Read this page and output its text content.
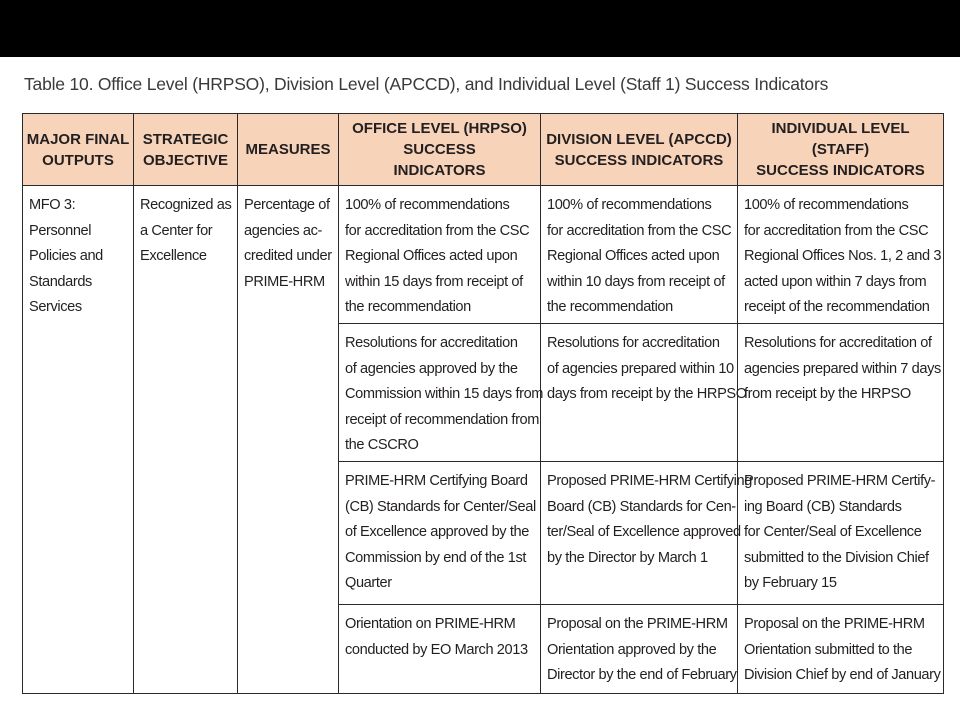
Table 10. Office Level (HRPSO), Division Level (APCCD), and Individual Level (Staff 1) Success Indicators
MAJOR FINAL
OUTPUTS	STRATEGIC
OBJECTIVE	MEASURES	OFFICE LEVEL (HRPSO) SUCCESS
INDICATORS	DIVISION LEVEL (APCCD)
SUCCESS INDICATORS	INDIVIDUAL LEVEL (STAFF)
SUCCESS INDICATORS

MFO 3:
Personnel
Policies and
Standards
Services	Recognized as
a Center for
Excellence	Percentage of
agencies ac-
credited under
PRIME-HRM	100% of recommendations
for accreditation from the CSC
Regional Offices acted upon
within 15 days from receipt of
the recommendation	100% of recommendations
for accreditation from the CSC
Regional Offices acted upon
within 10 days from receipt of
the recommendation	100% of recommendations
for accreditation from the CSC
Regional Offices Nos. 1, 2 and 3
acted upon within 7 days from
receipt of the recommendation

			Resolutions for accreditation
of agencies approved by the
Commission within 15 days from
receipt of recommendation from
the CSCRO	Resolutions for accreditation
of agencies prepared within 10
days from receipt by the HRPSO	Resolutions for accreditation of
agencies prepared within 7 days
from receipt by the HRPSO

			PRIME-HRM Certifying Board
(CB) Standards for Center/Seal
of Excellence approved by the
Commission by end of the 1st
Quarter	Proposed PRIME-HRM Certifying
Board (CB) Standards for Cen-
ter/Seal of Excellence approved
by the Director by March 1	Proposed PRIME-HRM Certify-
ing Board (CB) Standards
for Center/Seal of Excellence
submitted to the Division Chief
by February 15

			Orientation on PRIME-HRM
conducted by EO March 2013	Proposal on the PRIME-HRM
Orientation approved by the
Director by the end of February	Proposal on the PRIME-HRM
Orientation submitted to the
Division Chief by end of January
